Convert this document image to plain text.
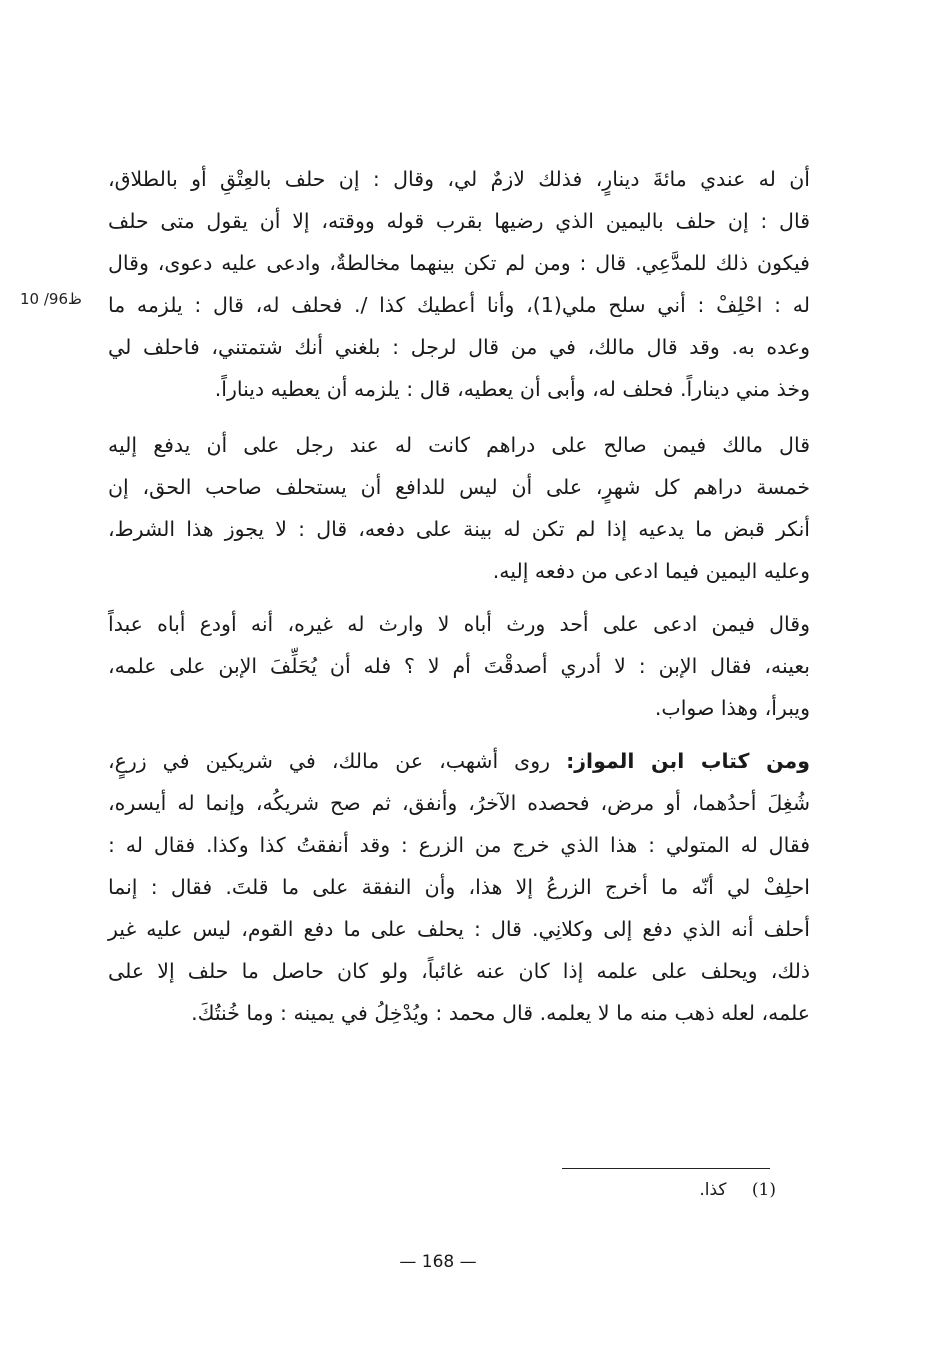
10 /96ظ

أن له عندي مائةَ دينارٍ، فذلك لازمٌ لي، وقال : إن حلف بالعِتْقِ أو بالطلاق،
قال : إن حلف باليمين الذي رضيها بقرب قوله ووقته، إلا أن يقول متى حلف
فيكون ذلك للمدَّعِي. قال : ومن لم تكن بينهما مخالطةٌ، وادعى عليه دعوى، وقال
له : احْلِفْ : أني سلح ملي(1)، وأنا أعطيك كذا /. فحلف له، قال : يلزمه ما
وعده به. وقد قال مالك، في من قال لرجل : بلغني أنك شتمتني، فاحلف لي
وخذ مني ديناراً. فحلف له، وأبى أن يعطيه، قال : يلزمه أن يعطيه ديناراً.

قال مالك فيمن صالح على دراهم كانت له عند رجل على أن يدفع إليه
خمسة دراهم كل شهرٍ، على أن ليس للدافع أن يستحلف صاحب الحق، إن
أنكر قبض ما يدعيه إذا لم تكن له بينة على دفعه، قال : لا يجوز هذا الشرط،
وعليه اليمين فيما ادعى من دفعه إليه.

وقال فيمن ادعى على أحد ورث أباه لا وارث له غيره، أنه أودع أباه عبداً
بعينه، فقال الإبن : لا أدري أصدقْتَ أم لا ؟ فله أن يُحَلِّفَ الإبن على علمه،
ويبرأ، وهذا صواب.

ومن كتاب ابن المواز: روى أشهب، عن مالك، في شريكين في زرعٍ،
شُغِلَ أحدُهما، أو مرض، فحصده الآخرُ، وأنفق، ثم صح شريكُه، وإنما له أيسره،
فقال له المتولي : هذا الذي خرج من الزرع : وقد أنفقتُ كذا وكذا. فقال له :
احلِفْ لي أنّه ما أخرج الزرعُ إلا هذا، وأن النفقة على ما قلتَ. فقال : إنما
أحلف أنه الذي دفع إلى وكلانِي. قال : يحلف على ما دفع القوم، ليس عليه غير
ذلك، ويحلف على علمه إذا كان عنه غائباً، ولو كان حاصل ما حلف إلا على
علمه، لعله ذهب منه ما لا يعلمه. قال محمد : ويُدْخِلُ في يمينه : وما خُنتُكَ.

(1) كذا.
— 168 —
